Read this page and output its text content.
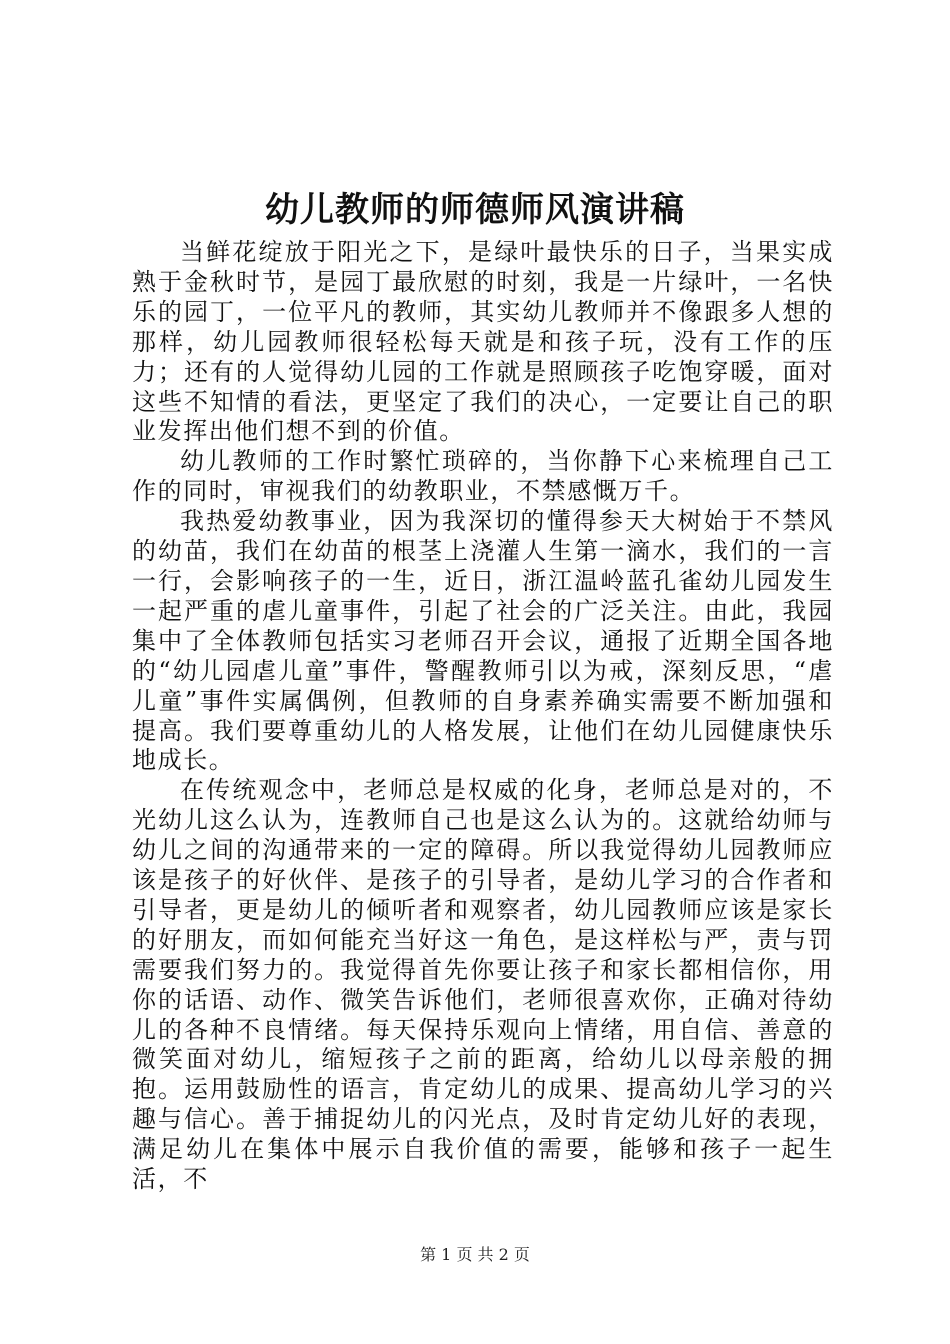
幼儿教师的师德师风演讲稿

当鲜花绽放于阳光之下，是绿叶最快乐的日子，当果实成熟于金秋时节，是园丁最欣慰的时刻，我是一片绿叶，一名快乐的园丁，一位平凡的教师，其实幼儿教师并不像跟多人想的那样，幼儿园教师很轻松每天就是和孩子玩，没有工作的压力；还有的人觉得幼儿园的工作就是照顾孩子吃饱穿暖，面对这些不知情的看法，更坚定了我们的决心，一定要让自己的职业发挥出他们想不到的价值。

幼儿教师的工作时繁忙琐碎的，当你静下心来梳理自己工作的同时，审视我们的幼教职业，不禁感慨万千。

我热爱幼教事业，因为我深切的懂得参天大树始于不禁风的幼苗，我们在幼苗的根茎上浇灌人生第一滴水，我们的一言一行，会影响孩子的一生，近日，浙江温岭蓝孔雀幼儿园发生一起严重的虐儿童事件，引起了社会的广泛关注。由此，我园集中了全体教师包括实习老师召开会议，通报了近期全国各地的“幼儿园虐儿童”事件，警醒教师引以为戒，深刻反思，“虐儿童”事件实属偶例，但教师的自身素养确实需要不断加强和提高。我们要尊重幼儿的人格发展，让他们在幼儿园健康快乐地成长。

在传统观念中，老师总是权威的化身，老师总是对的，不光幼儿这么认为，连教师自己也是这么认为的。这就给幼师与幼儿之间的沟通带来的一定的障碍。所以我觉得幼儿园教师应该是孩子的好伙伴、是孩子的引导者，是幼儿学习的合作者和引导者，更是幼儿的倾听者和观察者，幼儿园教师应该是家长的好朋友，而如何能充当好这一角色，是这样松与严，责与罚需要我们努力的。我觉得首先你要让孩子和家长都相信你，用你的话语、动作、微笑告诉他们，老师很喜欢你，正确对待幼儿的各种不良情绪。每天保持乐观向上情绪，用自信、善意的微笑面对幼儿，缩短孩子之前的距离，给幼儿以母亲般的拥抱。运用鼓励性的语言，肯定幼儿的成果、提高幼儿学习的兴趣与信心。善于捕捉幼儿的闪光点，及时肯定幼儿好的表现，满足幼儿在集体中展示自我价值的需要，能够和孩子一起生活，不

第 1 页 共 2 页
